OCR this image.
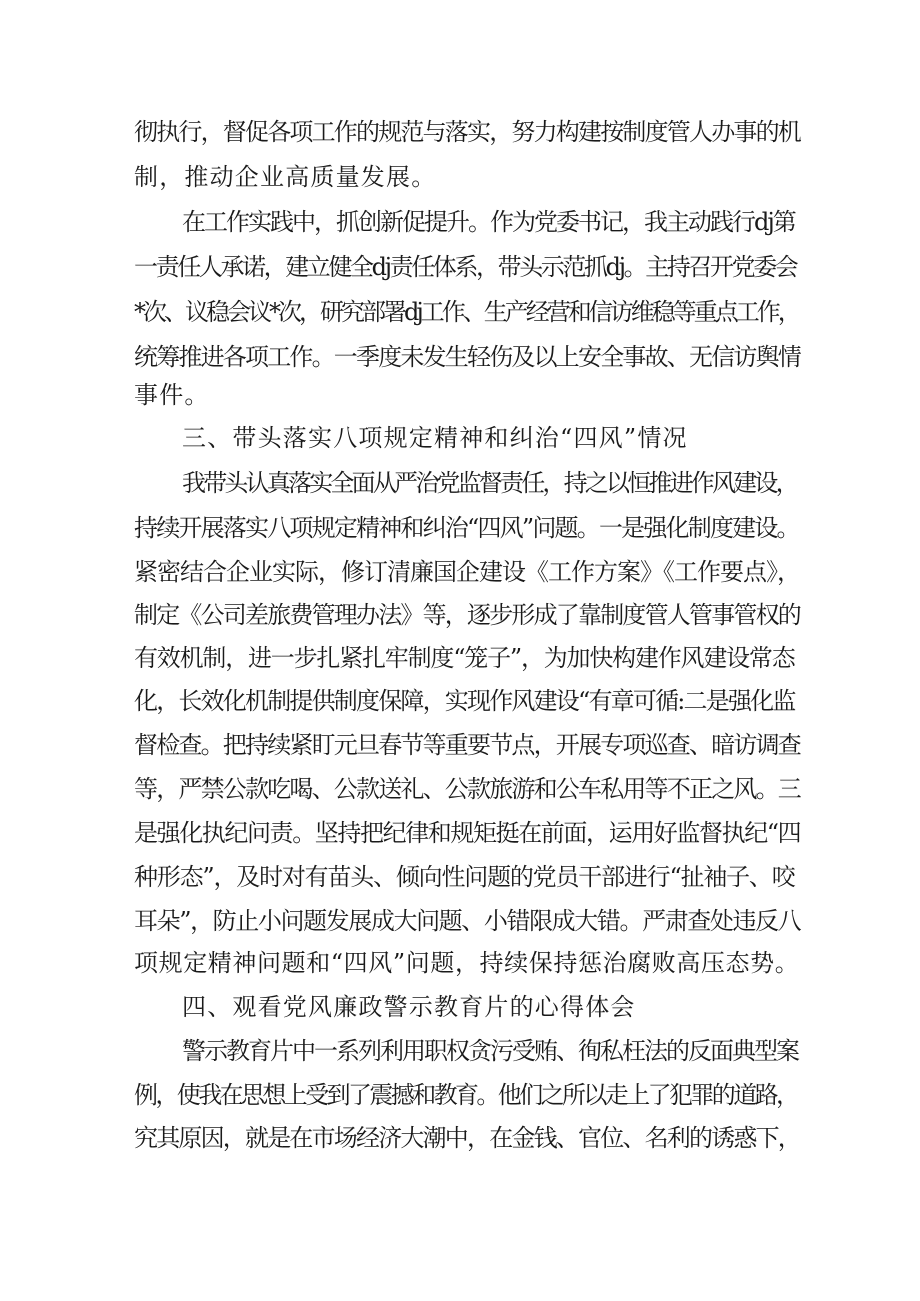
彻执行，督促各项工作的规范与落实，努力构建按制度管人办事的机
制，推动企业高质量发展。
在工作实践中，抓创新促提升。作为党委书记，我主动践行dj第
一责任人承诺，建立健全dj责任体系，带头示范抓dj。主持召开党委会
*次、议稳会议*次，研究部署dj工作、生产经营和信访维稳等重点工作，
统筹推进各项工作。一季度未发生轻伤及以上安全事故、无信访舆情
事件。
三、带头落实八项规定精神和纠治“四风”情况
我带头认真落实全面从严治党监督责任，持之以恒推进作风建设，
持续开展落实八项规定精神和纠治“四风”问题。一是强化制度建设。
紧密结合企业实际，修订清廉国企建设《工作方案》《工作要点》，
制定《公司差旅费管理办法》等，逐步形成了靠制度管人管事管权的
有效机制，进一步扎紧扎牢制度“笼子”，为加快构建作风建设常态
化，长效化机制提供制度保障，实现作风建设“有章可循:二是强化监
督检查。把持续紧盯元旦春节等重要节点，开展专项巡查、暗访调查
等，严禁公款吃喝、公款送礼、公款旅游和公车私用等不正之风。三
是强化执纪问责。坚持把纪律和规矩挺在前面，运用好监督执纪“四
种形态”，及时对有苗头、倾向性问题的党员干部进行“扯袖子、咬
耳朵”，防止小问题发展成大问题、小错限成大错。严肃查处违反八
项规定精神问题和“四风”问题，持续保持惩治腐败高压态势。
四、观看党风廉政警示教育片的心得体会
警示教育片中一系列利用职权贪污受贿、徇私枉法的反面典型案
例，使我在思想上受到了震撼和教育。他们之所以走上了犯罪的道路，
究其原因，就是在市场经济大潮中，在金钱、官位、名利的诱惑下，
